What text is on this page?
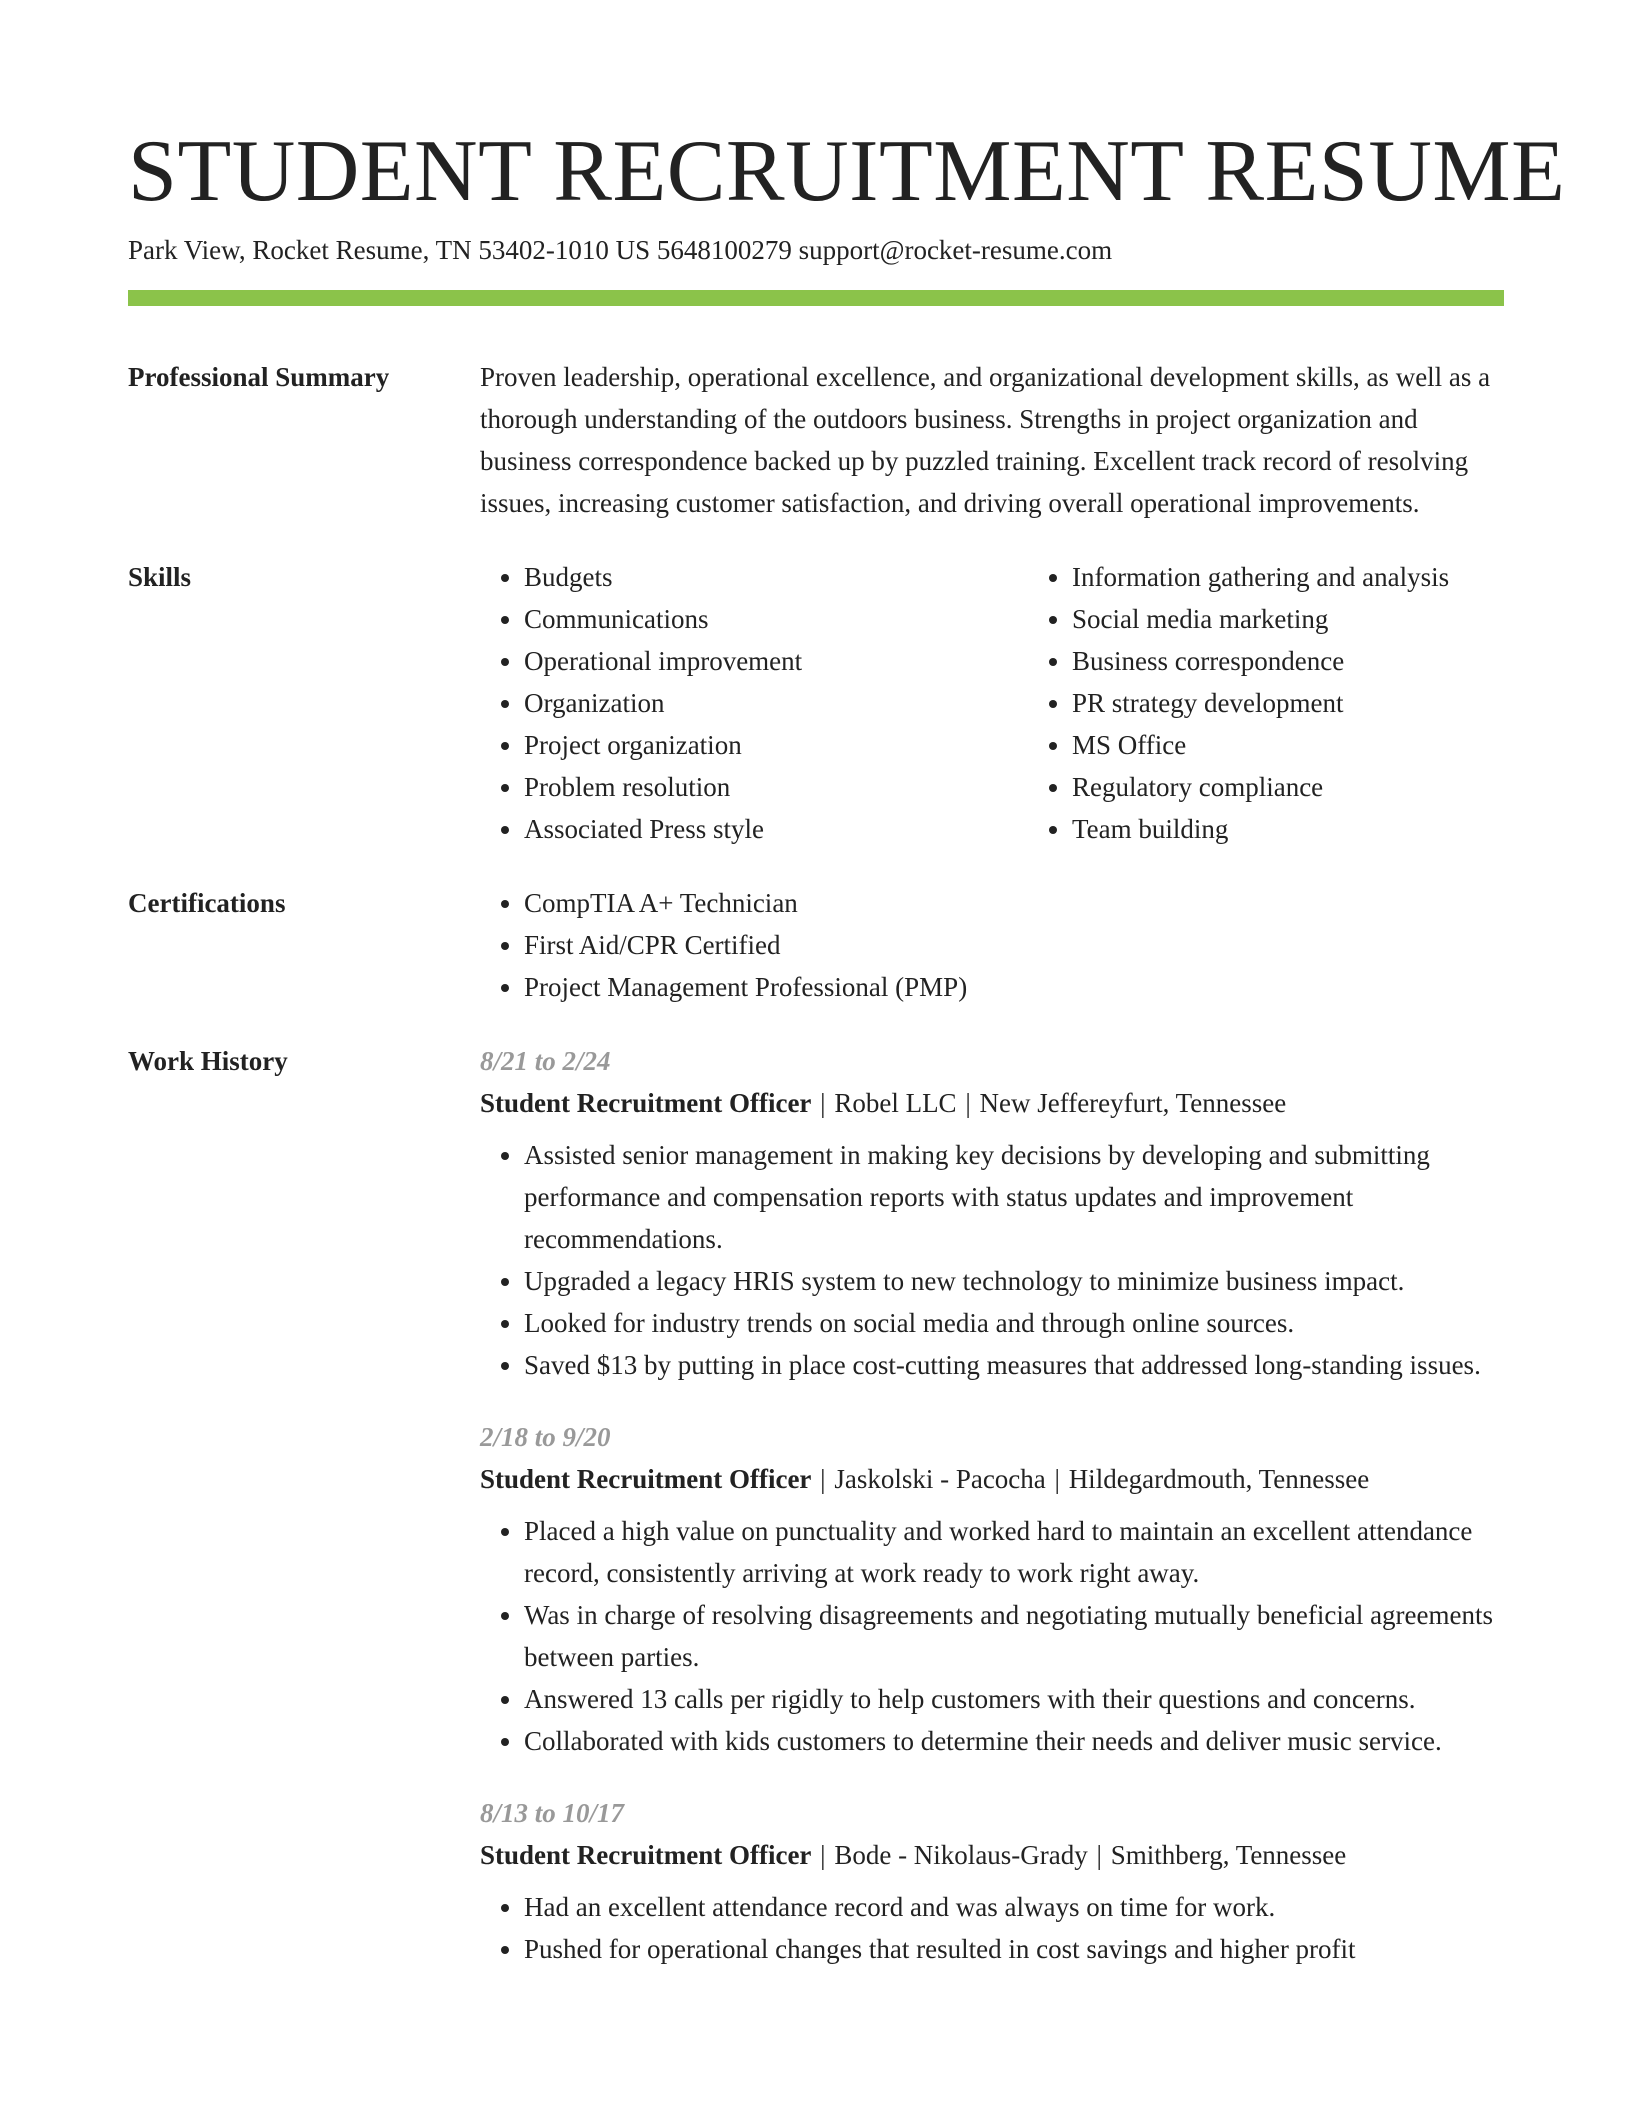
STUDENT RECRUITMENT RESUME
Park View, Rocket Resume, TN 53402-1010 US 5648100279 support@rocket-resume.com
Professional Summary	Proven leadership, operational excellence, and organizational development skills, as well as a thorough understanding of the outdoors business. Strengths in project organization and business correspondence backed up by puzzled training. Excellent track record of resolving issues, increasing customer satisfaction, and driving overall operational improvements.

Skills	• Budgets
• Communications
• Operational improvement
• Organization
• Project organization
• Problem resolution
• Associated Press style
• Information gathering and analysis
• Social media marketing
• Business correspondence
• PR strategy development
• MS Office
• Regulatory compliance
• Team building
Certifications	• CompTIA A+ Technician
• First Aid/CPR Certified
• Project Management Professional (PMP)
Work History	8/21 to 2/24
Student Recruitment Officer | Robel LLC | New Jeffereyfurt, Tennessee
• Assisted senior management in making key decisions by developing and submitting performance and compensation reports with status updates and improvement recommendations.
• Upgraded a legacy HRIS system to new technology to minimize business impact.
• Looked for industry trends on social media and through online sources.
• Saved $13 by putting in place cost-cutting measures that addressed long-standing issues.
2/18 to 9/20
Student Recruitment Officer | Jaskolski - Pacocha | Hildegardmouth, Tennessee
• Placed a high value on punctuality and worked hard to maintain an excellent attendance record, consistently arriving at work ready to work right away.
• Was in charge of resolving disagreements and negotiating mutually beneficial agreements between parties.
• Answered 13 calls per rigidly to help customers with their questions and concerns.
• Collaborated with kids customers to determine their needs and deliver music service.
8/13 to 10/17
Student Recruitment Officer | Bode - Nikolaus-Grady | Smithberg, Tennessee
• Had an excellent attendance record and was always on time for work.
• Pushed for operational changes that resulted in cost savings and higher profit
